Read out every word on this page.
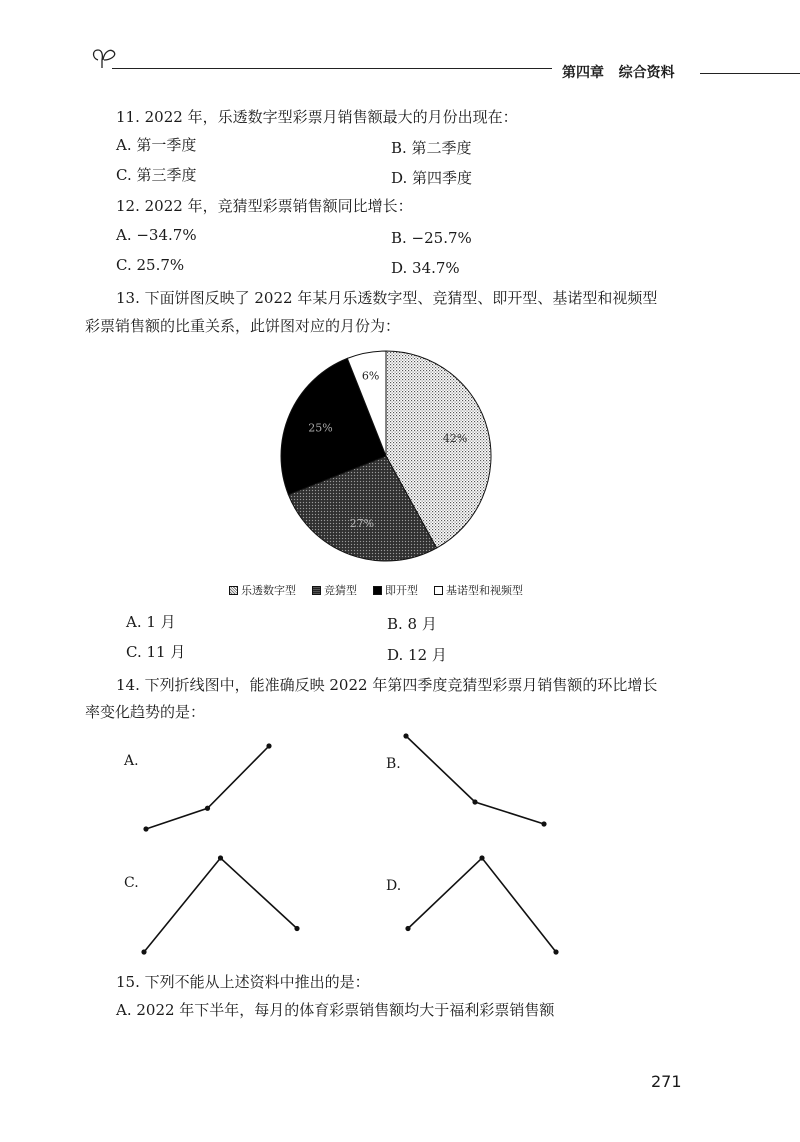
第四章 综合资料
11. 2022 年，乐透数字型彩票月销售额最大的月份出现在：
A. 第一季度	B. 第二季度
C. 第三季度	D. 第四季度
12. 2022 年，竞猜型彩票销售额同比增长：
A. −34.7%	B. −25.7%
C. 25.7%	D. 34.7%
13. 下面饼图反映了 2022 年某月乐透数字型、竞猜型、即开型、基诺型和视频型
彩票销售额的比重关系，此饼图对应的月份为：
42%
27%
25%
6%
乐透数字型	竞猜型	即开型	基诺型和视频型
A. 1 月	B. 8 月
C. 11 月	D. 12 月
14. 下列折线图中，能准确反映 2022 年第四季度竞猜型彩票月销售额的环比增长
率变化趋势的是：
A.	B.
C.	D.
15. 下列不能从上述资料中推出的是：
A. 2022 年下半年，每月的体育彩票销售额均大于福利彩票销售额
271
